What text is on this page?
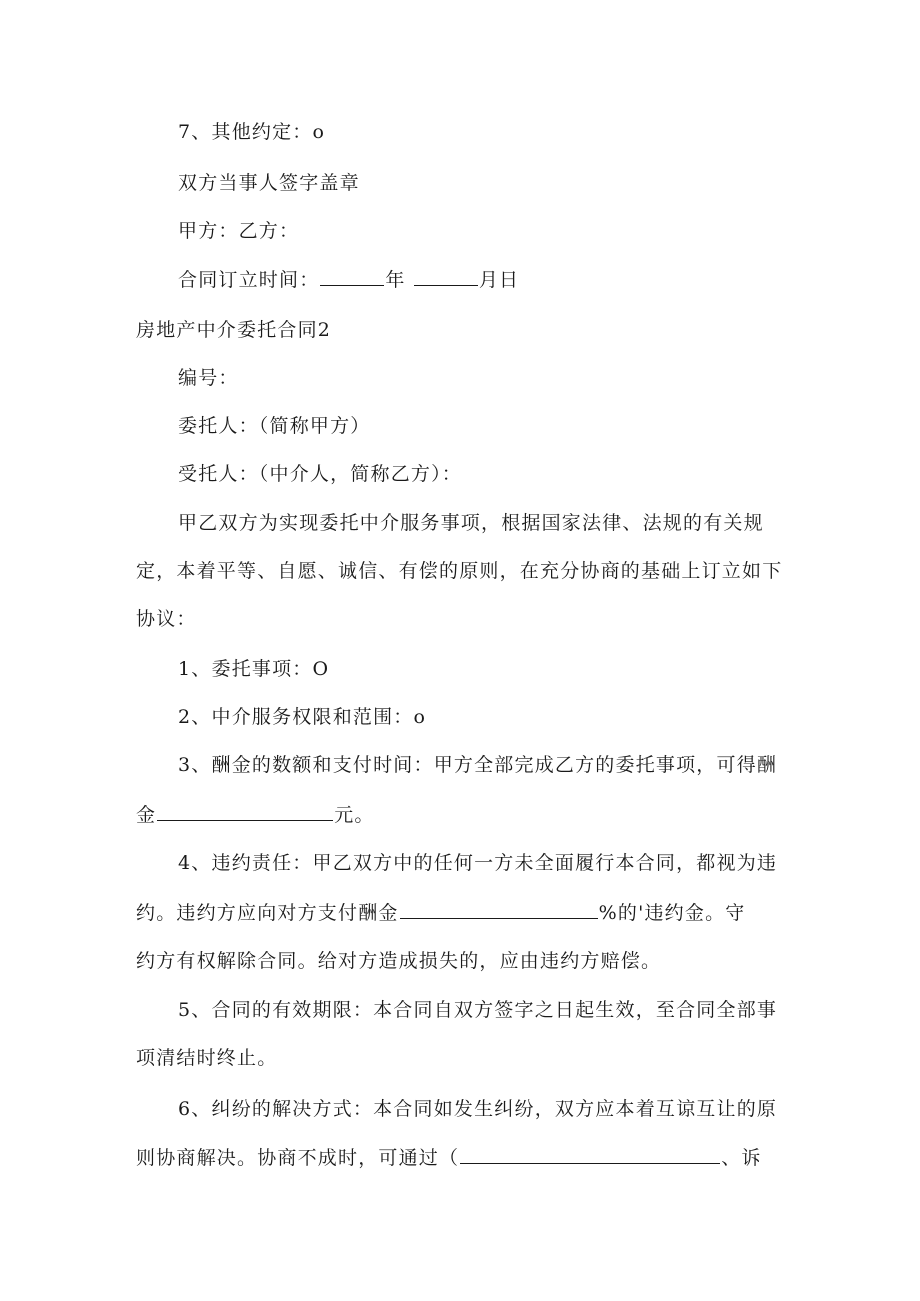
7、其他约定：o
双方当事人签字盖章
甲方：乙方：
合同订立时间：	年	月日
房地产中介委托合同2
编号：
委托人：（简称甲方）
受托人：（中介人，简称乙方）：
甲乙双方为实现委托中介服务事项，根据国家法律、法规的有关规
定，本着平等、自愿、诚信、有偿的原则，在充分协商的基础上订立如下
协议：
1、委托事项：O
2、中介服务权限和范围：o
3、酬金的数额和支付时间：甲方全部完成乙方的委托事项，可得酬
金	元。
4、违约责任：甲乙双方中的任何一方未全面履行本合同，都视为违
约。违约方应向对方支付酬金	%的'违约金。守
约方有权解除合同。给对方造成损失的，应由违约方赔偿。
5、合同的有效期限：本合同自双方签字之日起生效，至合同全部事
项清结时终止。
6、纠纷的解决方式：本合同如发生纠纷，双方应本着互谅互让的原
则协商解决。协商不成时，可通过（	、诉
